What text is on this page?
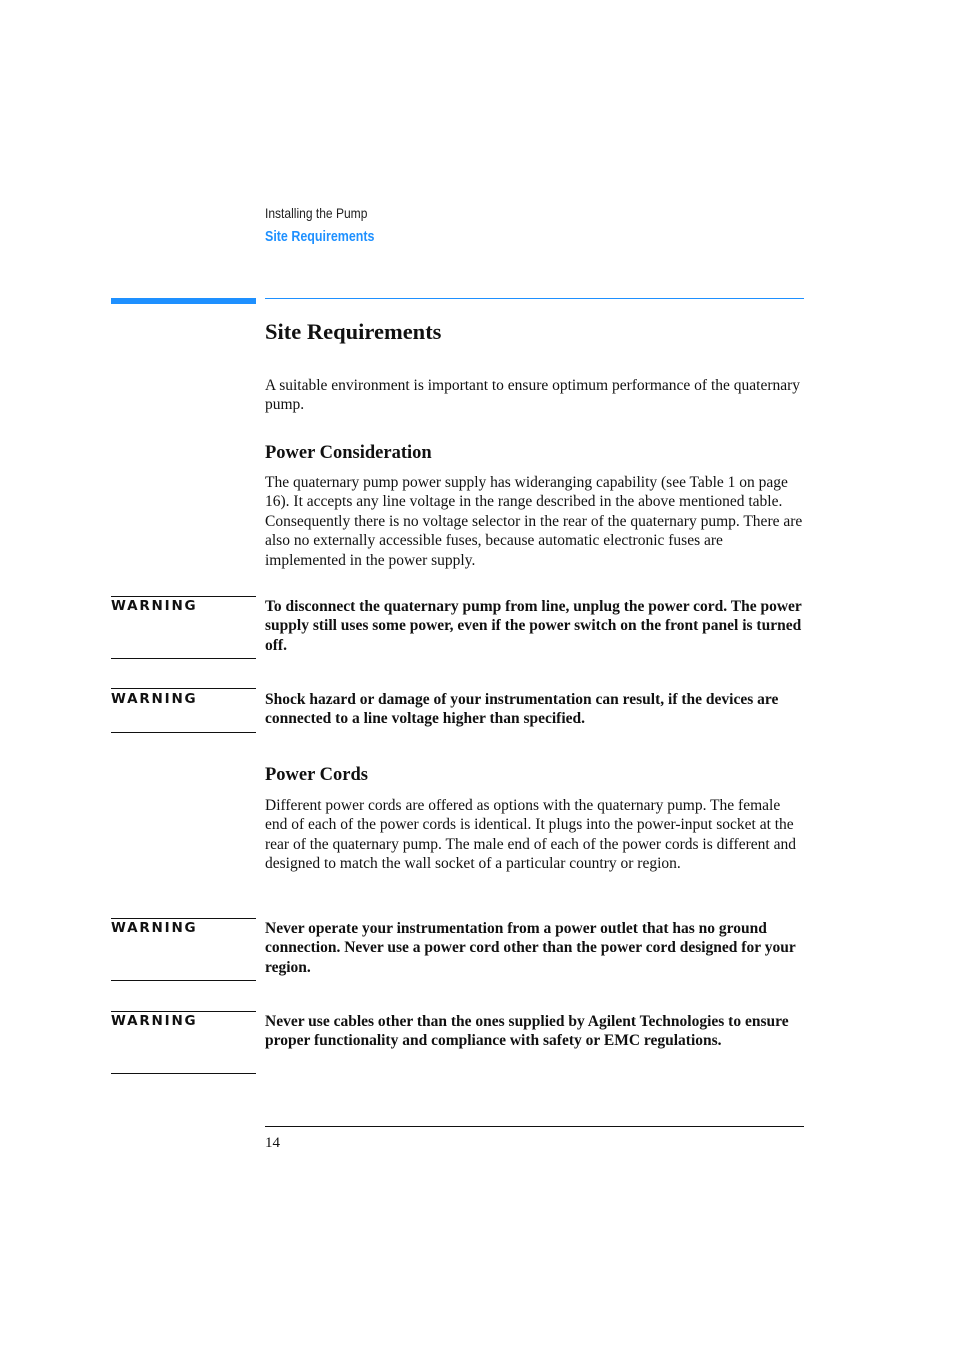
Installing the Pump
Site Requirements
Site Requirements

A suitable environment is important to ensure optimum performance of the quaternary pump.

Power Consideration

The quaternary pump power supply has wideranging capability (see Table 1 on page 16). It accepts any line voltage in the range described in the above mentioned table. Consequently there is no voltage selector in the rear of the quaternary pump. There are also no externally accessible fuses, because automatic electronic fuses are implemented in the power supply.

WARNING	To disconnect the quaternary pump from line, unplug the power cord. The power supply still uses some power, even if the power switch on the front panel is turned off.

WARNING	Shock hazard or damage of your instrumentation can result, if the devices are connected to a line voltage higher than specified.

Power Cords

Different power cords are offered as options with the quaternary pump. The female end of each of the power cords is identical. It plugs into the power-input socket at the rear of the quaternary pump. The male end of each of the power cords is different and designed to match the wall socket of a particular country or region.

WARNING	Never operate your instrumentation from a power outlet that has no ground connection. Never use a power cord other than the power cord designed for your region.

WARNING	Never use cables other than the ones supplied by Agilent Technologies to ensure proper functionality and compliance with safety or EMC regulations.

14
